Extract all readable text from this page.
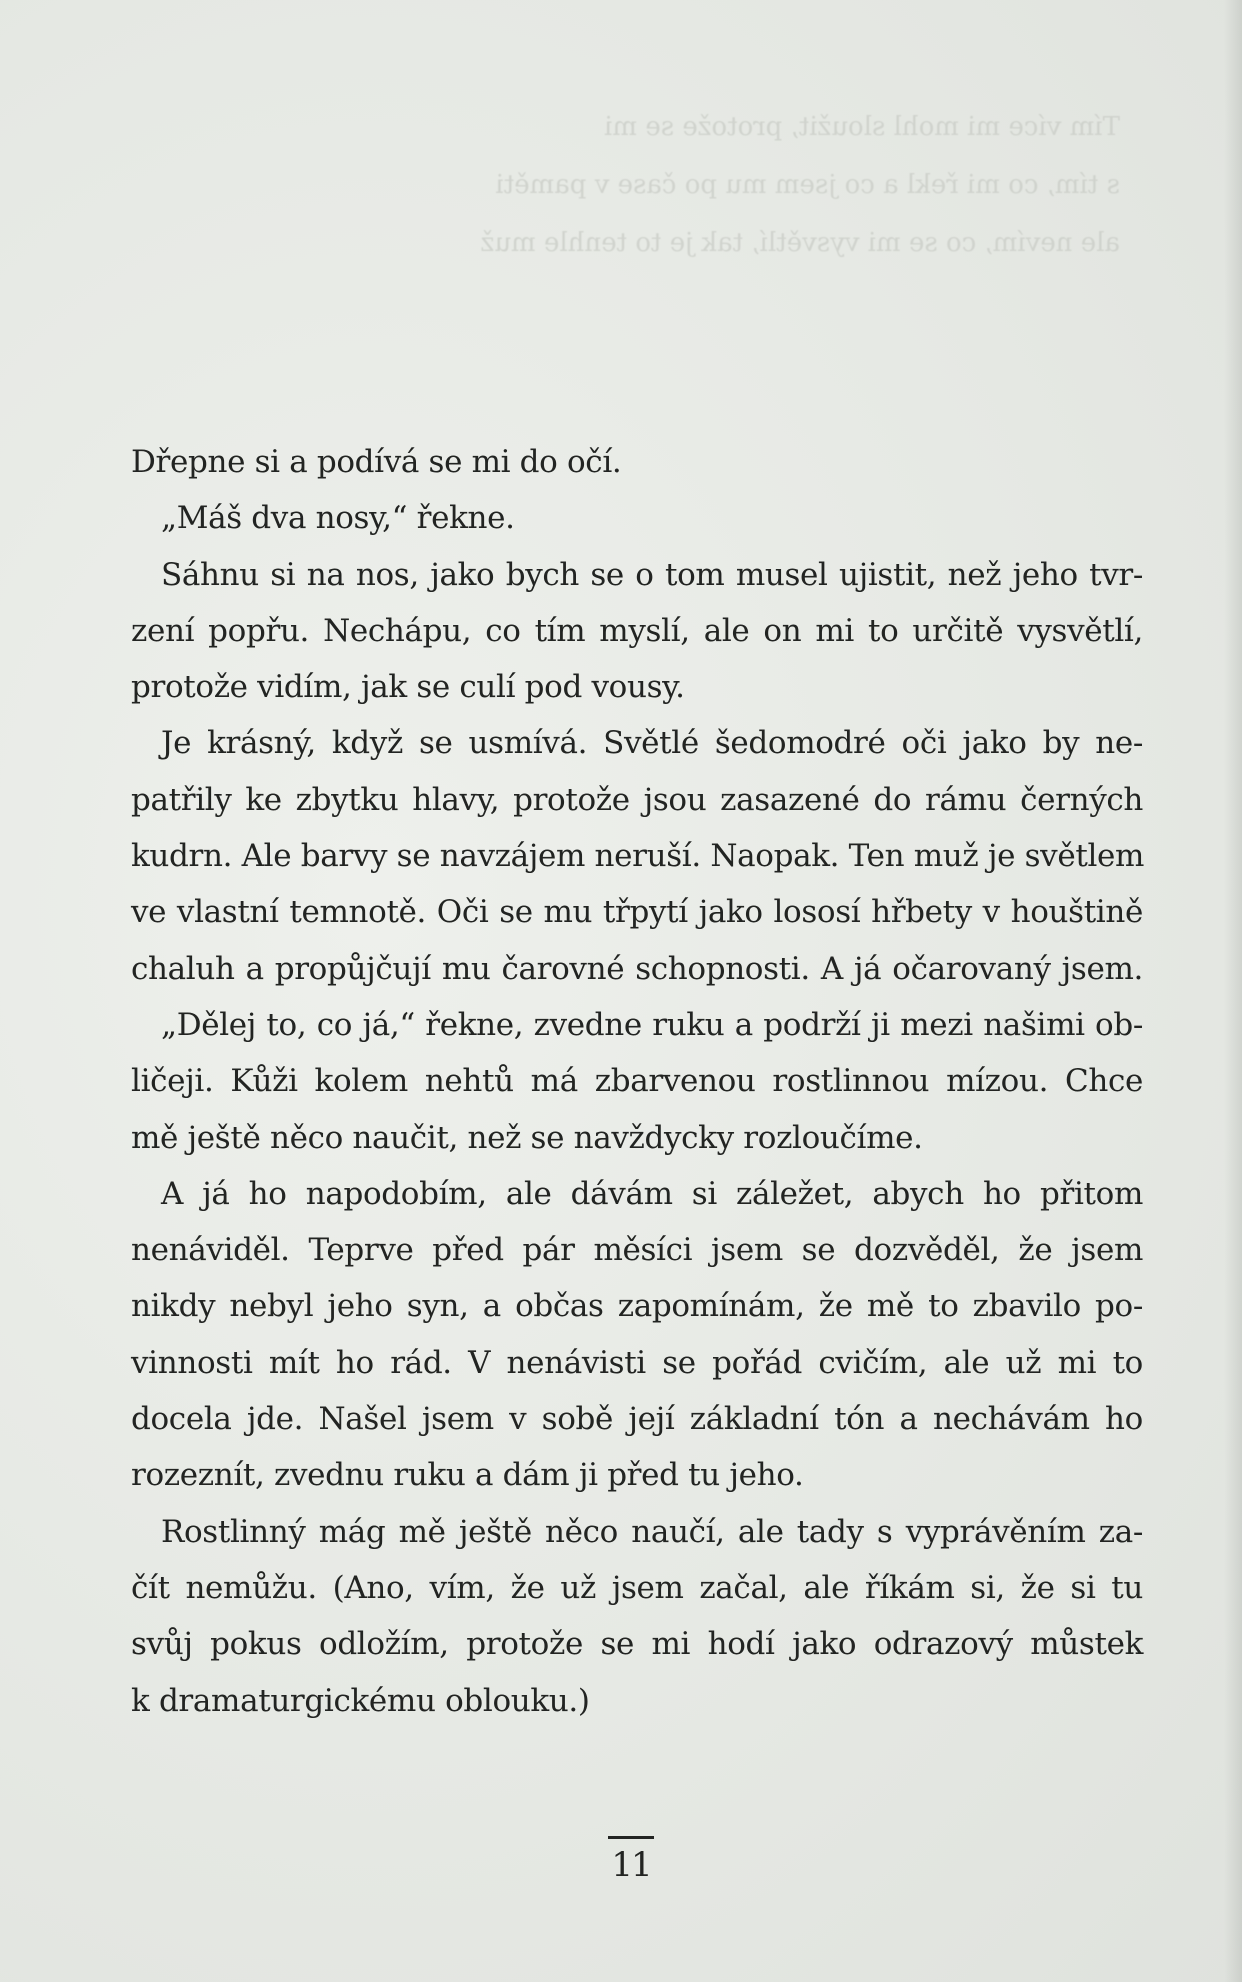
Tím více mi mohl sloužit, protože se mi
s tím, co mi řekl a co jsem mu po čase v paměti
ale nevím, co se mi vysvětlí, tak je to tenhle muž
Dřepne si a podívá se mi do očí.
„Máš dva nosy,“ řekne.
Sáhnu si na nos, jako bych se o tom musel ujistit, než jeho tvr-
zení popřu. Nechápu, co tím myslí, ale on mi to určitě vysvětlí,
protože vidím, jak se culí pod vousy.
Je krásný, když se usmívá. Světlé šedomodré oči jako by ne-
patřily ke zbytku hlavy, protože jsou zasazené do rámu černých
kudrn. Ale barvy se navzájem neruší. Naopak. Ten muž je světlem
ve vlastní temnotě. Oči se mu třpytí jako lososí hřbety v houštině
chaluh a propůjčují mu čarovné schopnosti. A já očarovaný jsem.
„Dělej to, co já,“ řekne, zvedne ruku a podrží ji mezi našimi ob-
ličeji. Kůži kolem nehtů má zbarvenou rostlinnou mízou. Chce
mě ještě něco naučit, než se navždycky rozloučíme.
A já ho napodobím, ale dávám si záležet, abych ho přitom
nenáviděl. Teprve před pár měsíci jsem se dozvěděl, že jsem
nikdy nebyl jeho syn, a občas zapomínám, že mě to zbavilo po-
vinnosti mít ho rád. V nenávisti se pořád cvičím, ale už mi to
docela jde. Našel jsem v sobě její základní tón a nechávám ho
rozeznít, zvednu ruku a dám ji před tu jeho.
Rostlinný mág mě ještě něco naučí, ale tady s vyprávěním za-
čít nemůžu. (Ano, vím, že už jsem začal, ale říkám si, že si tu
svůj pokus odložím, protože se mi hodí jako odrazový můstek
k dramaturgickému oblouku.)
11
